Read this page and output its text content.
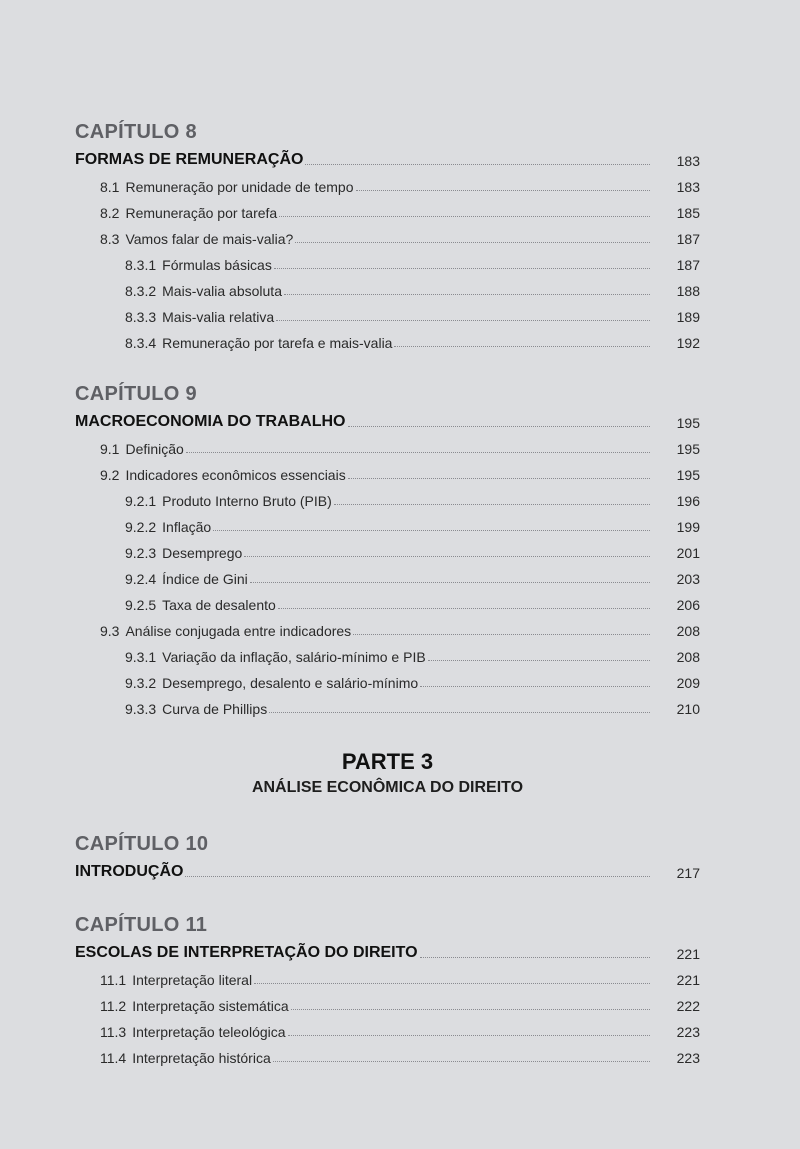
CAPÍTULO 8
FORMAS DE REMUNERAÇÃO	183
8.1 Remuneração por unidade de tempo	183
8.2 Remuneração por tarefa	185
8.3 Vamos falar de mais-valia?	187
8.3.1 Fórmulas básicas	187
8.3.2 Mais-valia absoluta	188
8.3.3 Mais-valia relativa	189
8.3.4 Remuneração por tarefa e mais-valia	192
CAPÍTULO 9
MACROECONOMIA DO TRABALHO	195
9.1 Definição	195
9.2 Indicadores econômicos essenciais	195
9.2.1 Produto Interno Bruto (PIB)	196
9.2.2 Inflação	199
9.2.3 Desemprego	201
9.2.4 Índice de Gini	203
9.2.5 Taxa de desalento	206
9.3 Análise conjugada entre indicadores	208
9.3.1 Variação da inflação, salário-mínimo e PIB	208
9.3.2 Desemprego, desalento e salário-mínimo	209
9.3.3 Curva de Phillips	210
PARTE 3
ANÁLISE ECONÔMICA DO DIREITO
CAPÍTULO 10
INTRODUÇÃO	217
CAPÍTULO 11
ESCOLAS DE INTERPRETAÇÃO DO DIREITO	221
11.1 Interpretação literal	221
11.2 Interpretação sistemática	222
11.3 Interpretação teleológica	223
11.4 Interpretação histórica	223
